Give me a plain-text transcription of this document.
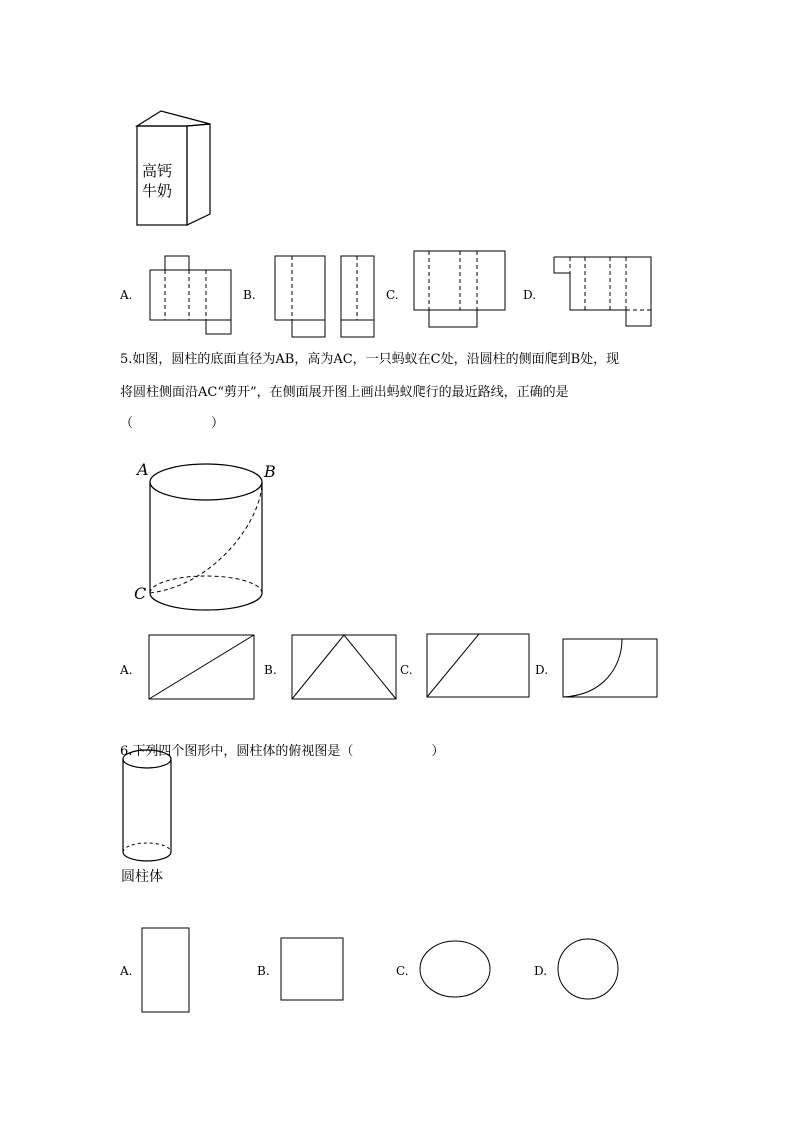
高钙
牛奶
A.	B.	C.	D.
5.如图，圆柱的底面直径为AB，高为AC，一只蚂蚁在C处，沿圆柱的侧面爬到B处，现
将圆柱侧面沿AC“剪开”，在侧面展开图上画出蚂蚁爬行的最近路线，正确的是
（　　　　　　）
A	B
C
A.	B.	C.	D.
6.下列四个图形中，圆柱体的俯视图是（　　　　　　）
圆柱体
A.	B.	C.	D.
